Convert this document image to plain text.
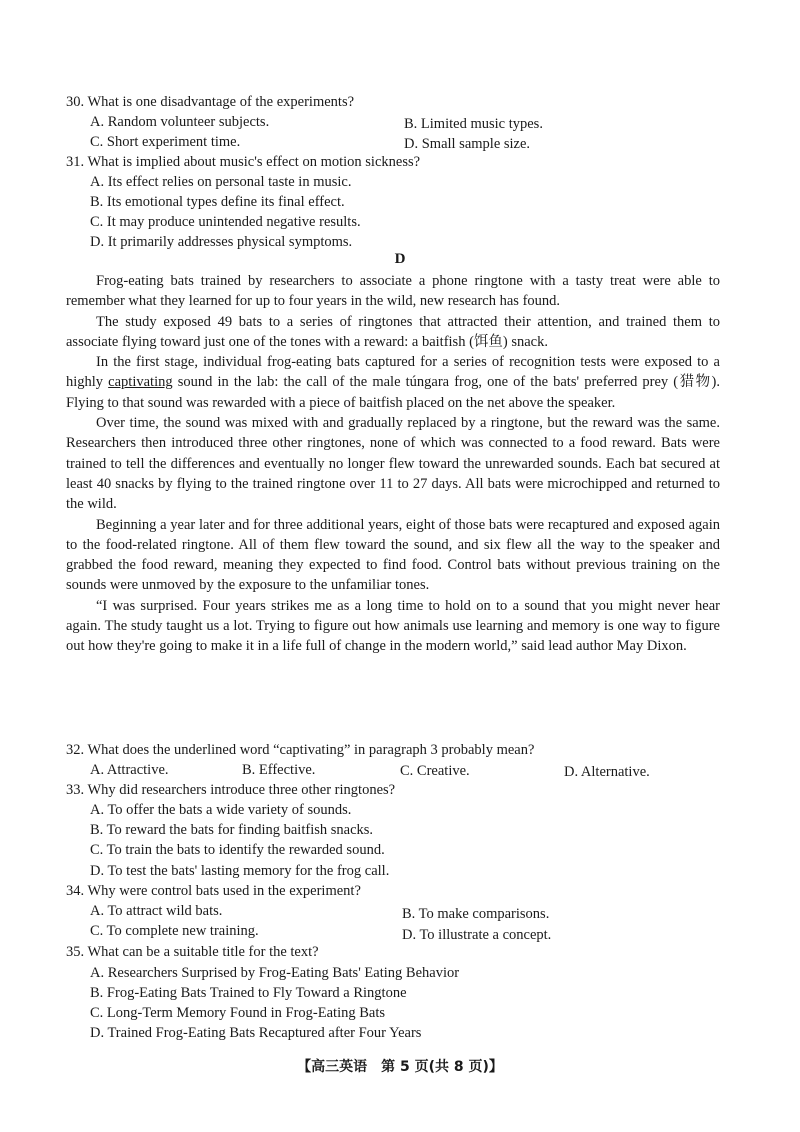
30. What is one disadvantage of the experiments?
A. Random volunteer subjects.	B. Limited music types.
C. Short experiment time.	D. Small sample size.
31. What is implied about music's effect on motion sickness?
A. Its effect relies on personal taste in music.
B. Its emotional types define its final effect.
C. It may produce unintended negative results.
D. It primarily addresses physical symptoms.
D

Frog-eating bats trained by researchers to associate a phone ringtone with a tasty treat were able to remember what they learned for up to four years in the wild, new research has found.

The study exposed 49 bats to a series of ringtones that attracted their attention, and trained them to associate flying toward just one of the tones with a reward: a baitfish (饵鱼) snack.

In the first stage, individual frog-eating bats captured for a series of recognition tests were exposed to a highly captivating sound in the lab: the call of the male túngara frog, one of the bats' preferred prey (猎物). Flying to that sound was rewarded with a piece of baitfish placed on the net above the speaker.

Over time, the sound was mixed with and gradually replaced by a ringtone, but the reward was the same. Researchers then introduced three other ringtones, none of which was connected to a food reward. Bats were trained to tell the differences and eventually no longer flew toward the unrewarded sounds. Each bat secured at least 40 snacks by flying to the trained ringtone over 11 to 27 days. All bats were microchipped and returned to the wild.

Beginning a year later and for three additional years, eight of those bats were recaptured and exposed again to the food-related ringtone. All of them flew toward the sound, and six flew all the way to the speaker and grabbed the food reward, meaning they expected to find food. Control bats without previous training on the sounds were unmoved by the exposure to the unfamiliar tones.

“I was surprised. Four years strikes me as a long time to hold on to a sound that you might never hear again. The study taught us a lot. Trying to figure out how animals use learning and memory is one way to figure out how they're going to make it in a life full of change in the modern world,” said lead author May Dixon.

32. What does the underlined word “captivating” in paragraph 3 probably mean?
A. Attractive.	B. Effective.	C. Creative.	D. Alternative.
33. Why did researchers introduce three other ringtones?
A. To offer the bats a wide variety of sounds.
B. To reward the bats for finding baitfish snacks.
C. To train the bats to identify the rewarded sound.
D. To test the bats' lasting memory for the frog call.
34. Why were control bats used in the experiment?
A. To attract wild bats.	B. To make comparisons.
C. To complete new training.	D. To illustrate a concept.
35. What can be a suitable title for the text?
A. Researchers Surprised by Frog-Eating Bats' Eating Behavior
B. Frog-Eating Bats Trained to Fly Toward a Ringtone
C. Long-Term Memory Found in Frog-Eating Bats
D. Trained Frog-Eating Bats Recaptured after Four Years
【高三英语　第 5 页(共 8 页)】
